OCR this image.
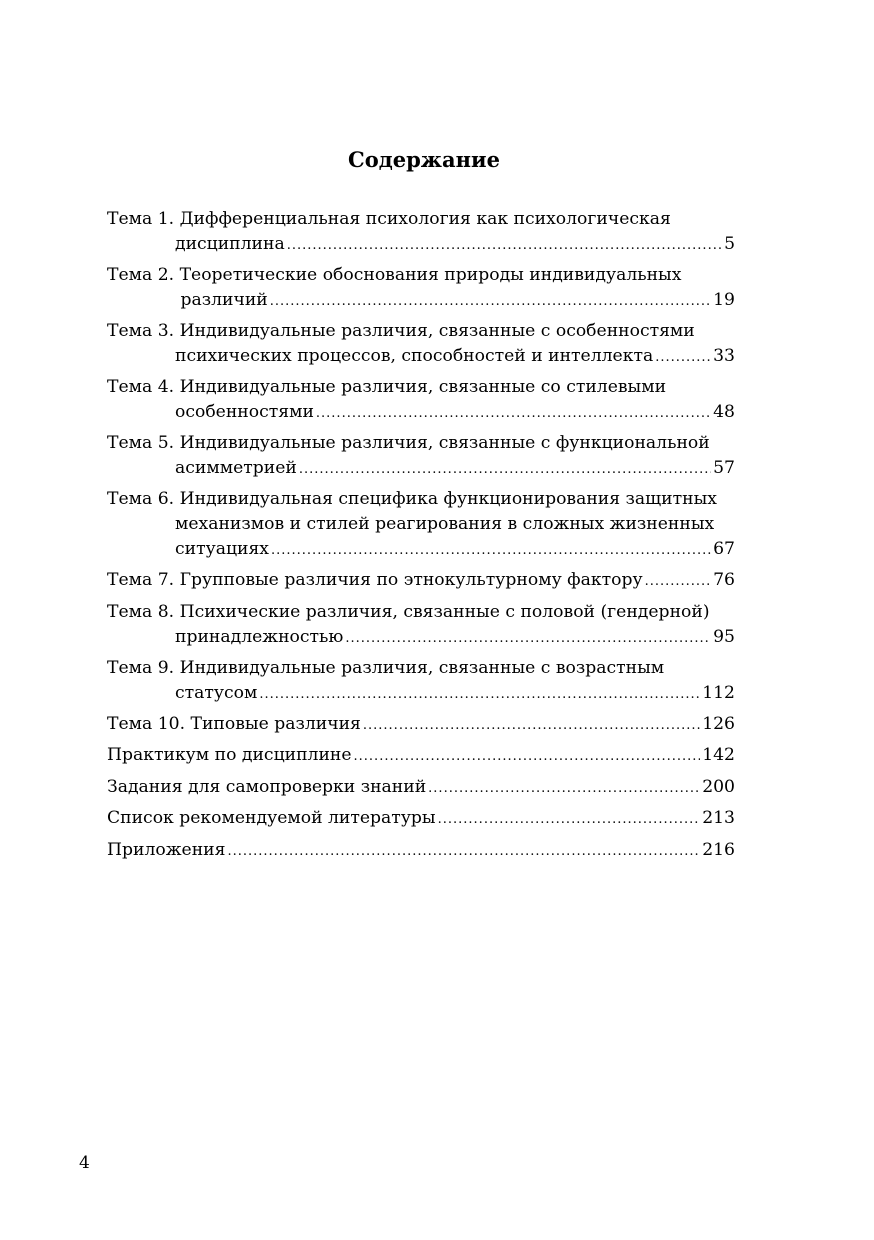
Содержание
Тема 1. Дифференциальная психология как психологическая
дисциплина .....	5
Тема 2. Теоретические обоснования природы индивидуальных
различий .....	19
Тема 3. Индивидуальные различия, связанные с особенностями
психических процессов, способностей и интеллекта .....	33
Тема 4. Индивидуальные различия, связанные со стилевыми
особенностями .....	48
Тема 5. Индивидуальные различия, связанные с функциональной
асимметрией .....	57
Тема 6. Индивидуальная специфика функционирования защитных
механизмов и стилей реагирования в сложных жизненных
ситуациях .....	67
Тема 7. Групповые различия по этнокультурному фактору .....	76
Тема 8. Психические различия, связанные с половой (гендерной)
принадлежностью .....	95
Тема 9. Индивидуальные различия, связанные с возрастным
статусом .....	112
Тема 10. Типовые различия .....	126
Практикум по дисциплине .....	142
Задания для самопроверки знаний .....	200
Список рекомендуемой литературы .....	213
Приложения .....	216
4
